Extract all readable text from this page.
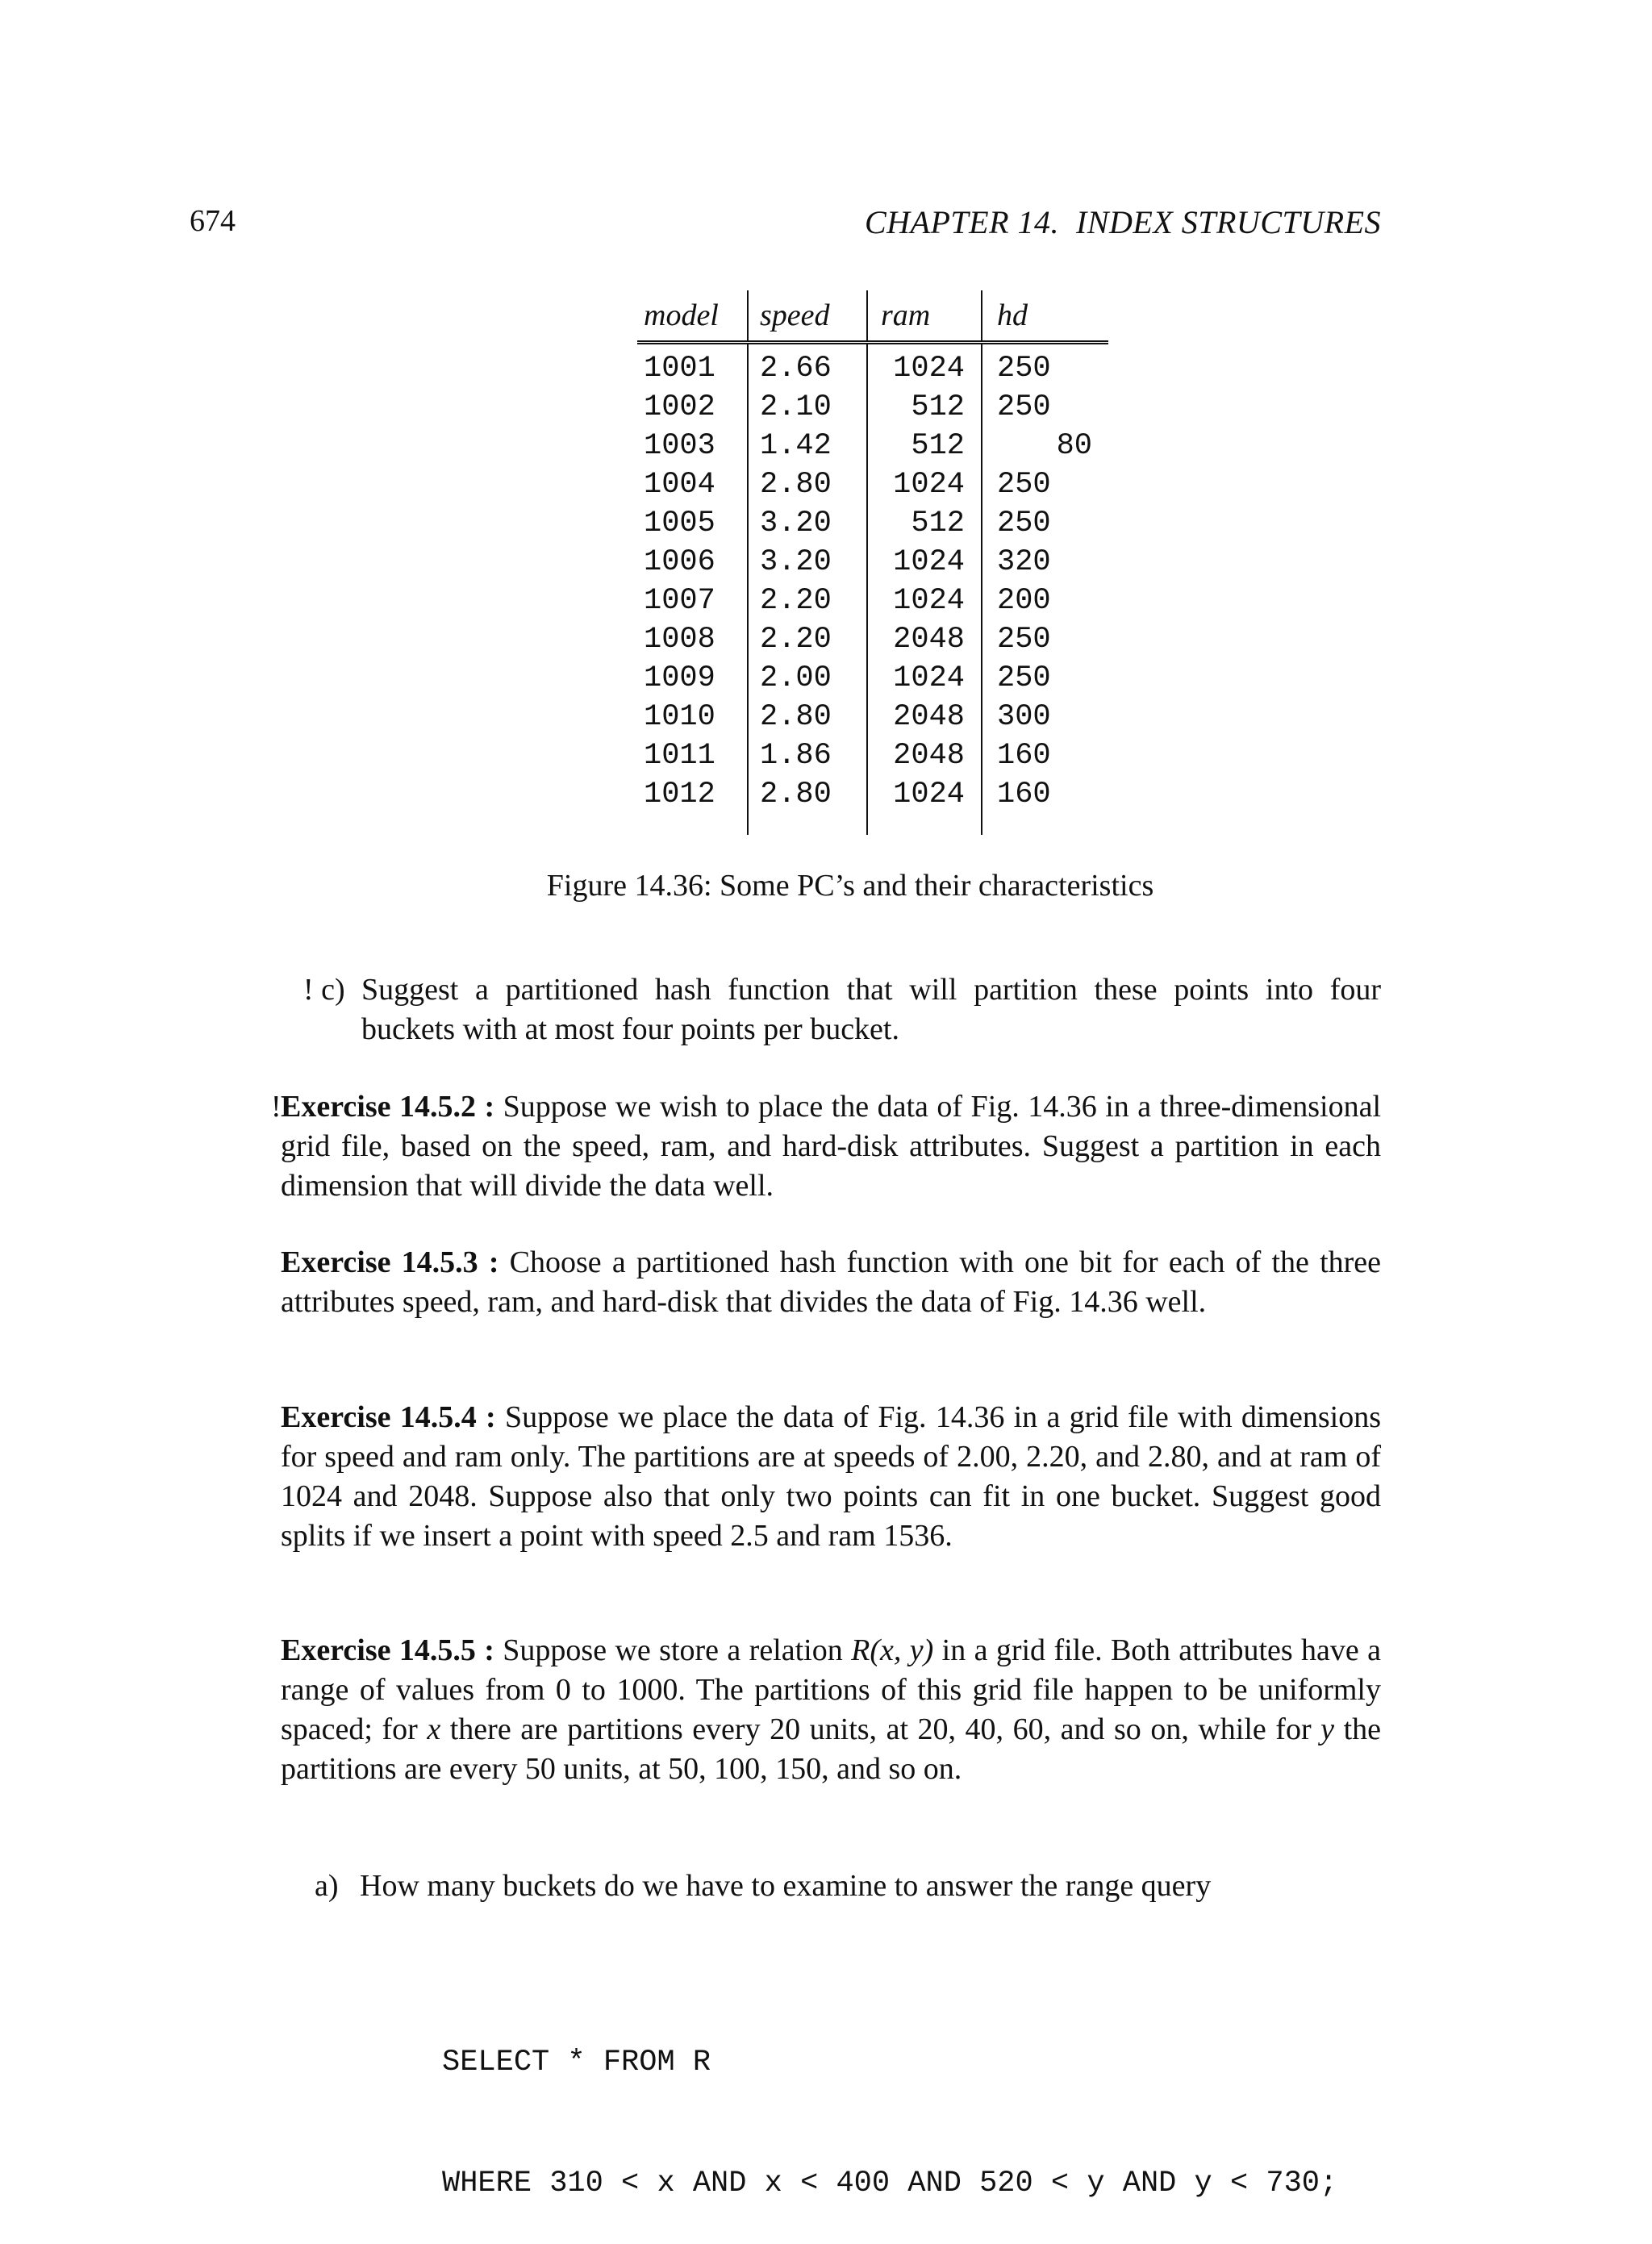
674	CHAPTER 14.  INDEX STRUCTURES
model	speed	ram	hd
1001	2.66	1024	250
1002	2.10	512	250
1003	1.42	512	80
1004	2.80	1024	250
1005	3.20	512	250
1006	3.20	1024	320
1007	2.20	1024	200
1008	2.20	2048	250
1009	2.00	1024	250
1010	2.80	2048	300
1011	1.86	2048	160
1012	2.80	1024	160
Figure 14.36: Some PC’s and their characteristics
! c) Suggest a partitioned hash function that will partition these points into four buckets with at most four points per bucket.
! Exercise 14.5.2 : Suppose we wish to place the data of Fig. 14.36 in a three-dimensional grid file, based on the speed, ram, and hard-disk attributes. Suggest a partition in each dimension that will divide the data well.
Exercise 14.5.3 : Choose a partitioned hash function with one bit for each of the three attributes speed, ram, and hard-disk that divides the data of Fig. 14.36 well.
Exercise 14.5.4 : Suppose we place the data of Fig. 14.36 in a grid file with dimensions for speed and ram only. The partitions are at speeds of 2.00, 2.20, and 2.80, and at ram of 1024 and 2048. Suppose also that only two points can fit in one bucket. Suggest good splits if we insert a point with speed 2.5 and ram 1536.
Exercise 14.5.5 : Suppose we store a relation R(x, y) in a grid file. Both attributes have a range of values from 0 to 1000. The partitions of this grid file happen to be uniformly spaced; for x there are partitions every 20 units, at 20, 40, 60, and so on, while for y the partitions are every 50 units, at 50, 100, 150, and so on.
a) How many buckets do we have to examine to answer the range query

SELECT * FROM R

WHERE 310 < x AND x < 400 AND 520 < y AND y < 730;
